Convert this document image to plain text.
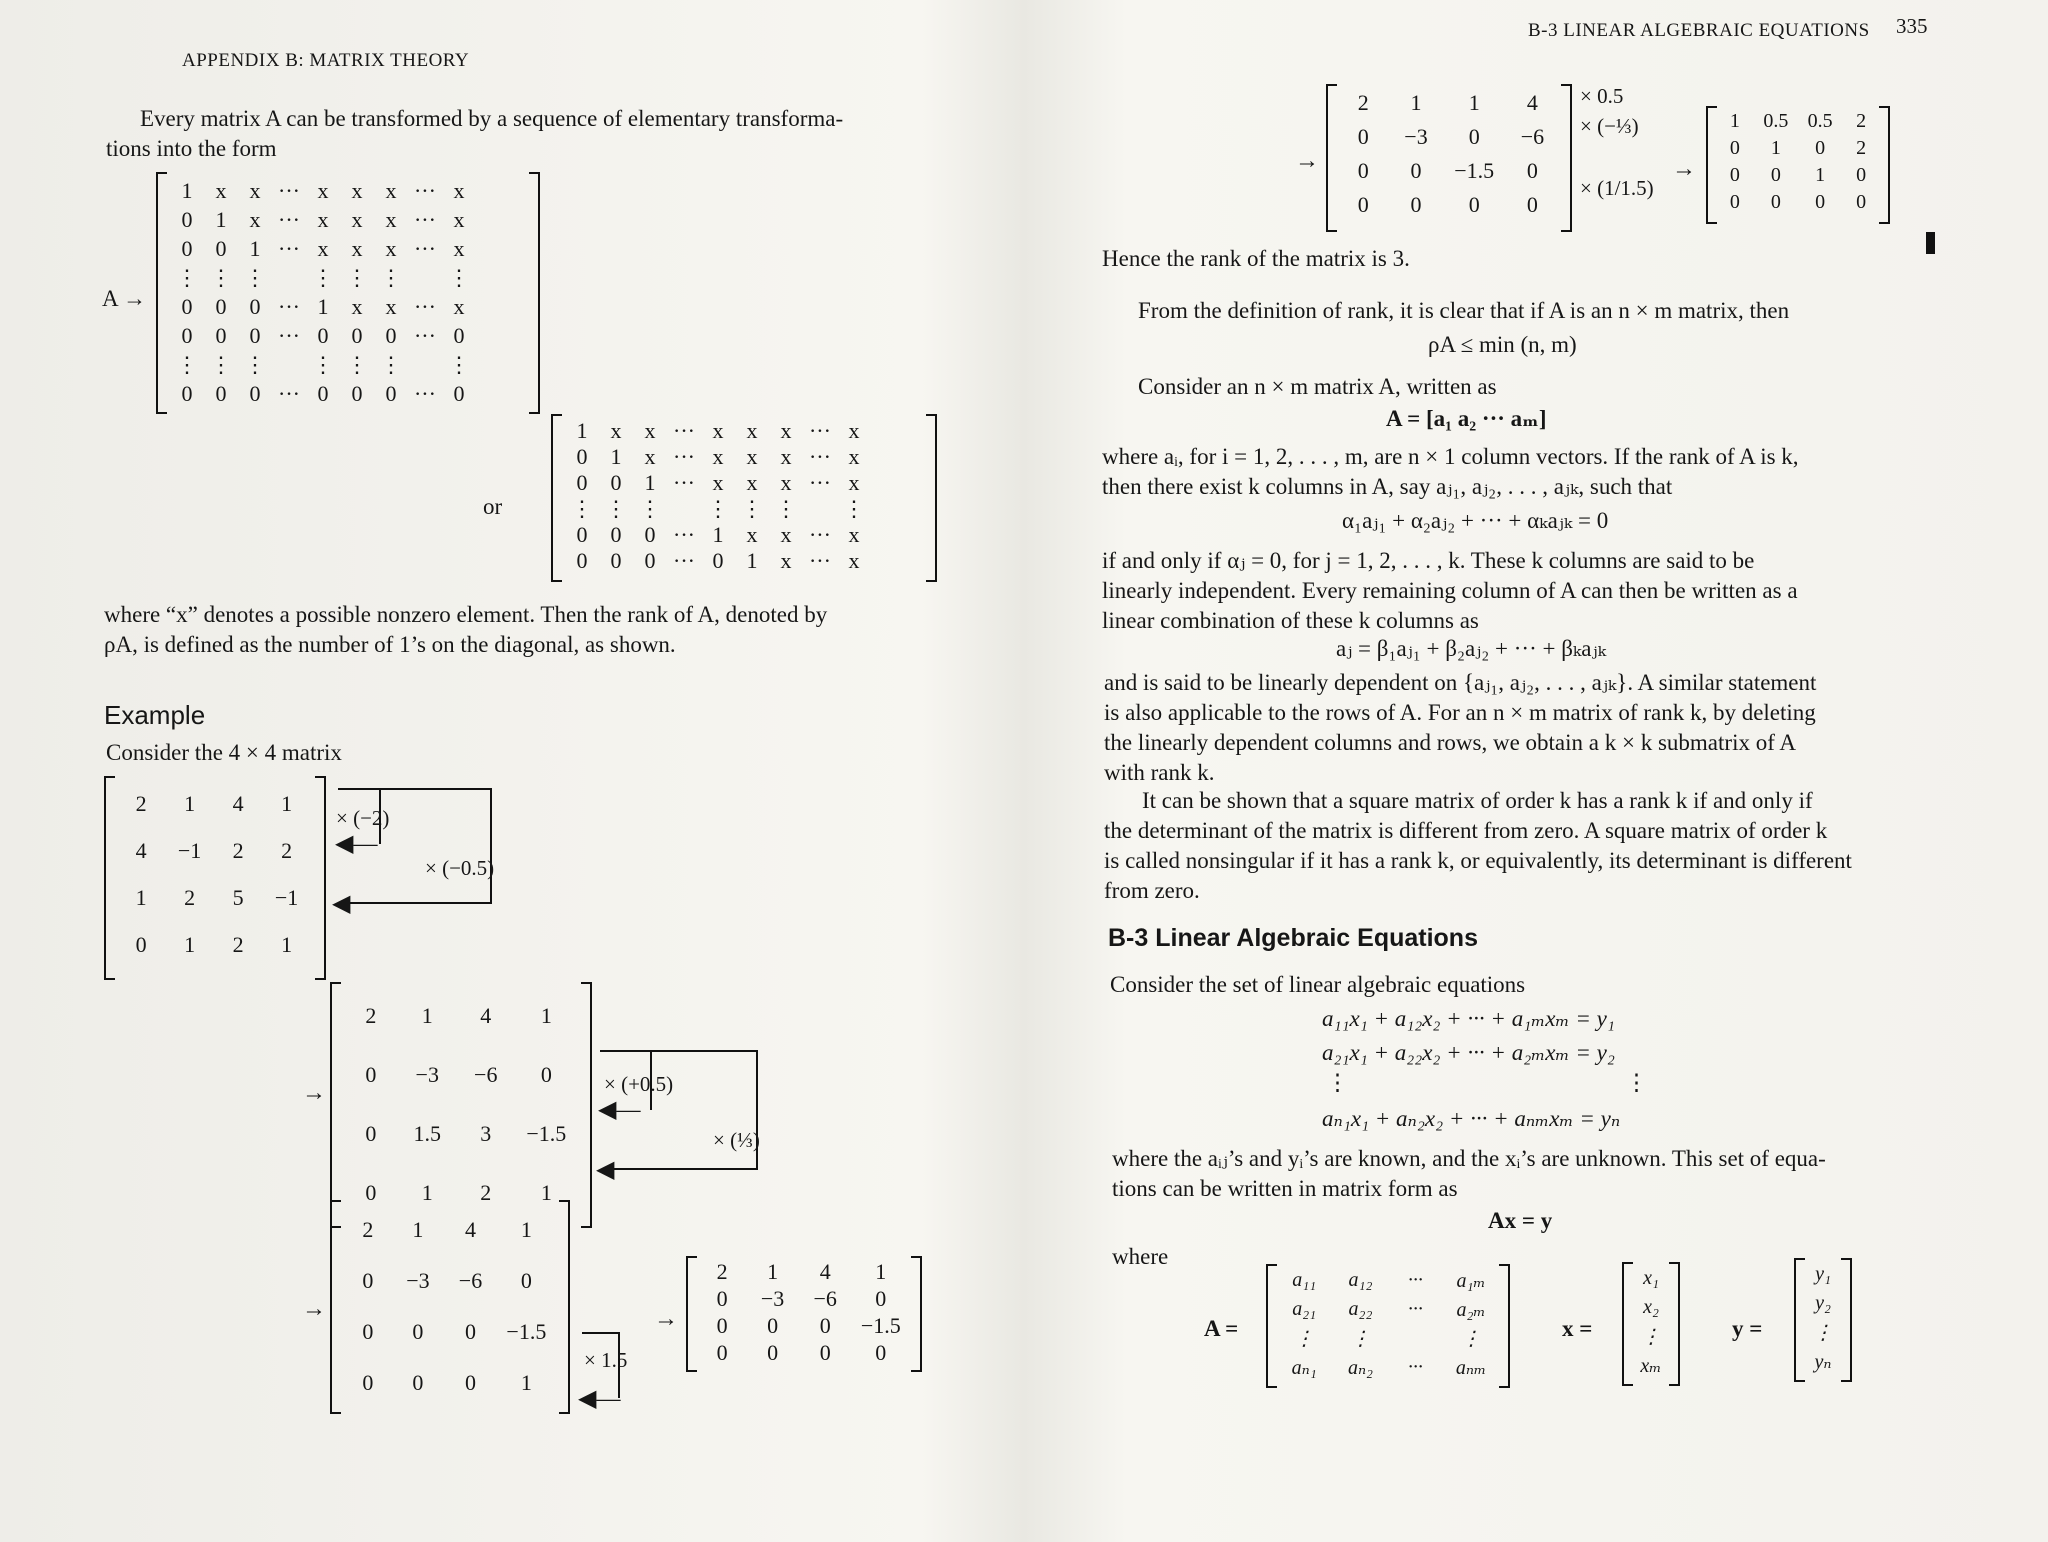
APPENDIX B: MATRIX THEORY
Every matrix A can be transformed by a sequence of elementary transforma-
tions into the form
A →
1	x	x	···	x	x	x	···	x
0	1	x	···	x	x	x	···	x
0	0	1	···	x	x	x	···	x
⋮	⋮	⋮		⋮	⋮	⋮		⋮
0	0	0	···	1	x	x	···	x
0	0	0	···	0	0	0	···	0
⋮	⋮	⋮		⋮	⋮	⋮		⋮
0	0	0	···	0	0	0	···	0
or
1	x	x	···	x	x	x	···	x
0	1	x	···	x	x	x	···	x
0	0	1	···	x	x	x	···	x
⋮	⋮	⋮		⋮	⋮	⋮		⋮
0	0	0	···	1	x	x	···	x
0	0	0	···	0	1	x	···	x
where “x” denotes a possible nonzero element. Then the rank of A, denoted by
ρA, is defined as the number of 1’s on the diagonal, as shown.
Example
Consider the 4 × 4 matrix
2	1	4	1
4	−1	2	2
1	2	5	−1
0	1	2	1
× (−2)
◀—
× (−0.5)
◀
→
2	1	4	1
0	−3	−6	0
0	1.5	3	−1.5
0	1	2	1
× (+0.5)
◀—
× (⅓)
◀
→
2	1	4	1
0	−3	−6	0
0	0	0	−1.5
0	0	0	1
× 1.5
◀—
→
2	1	4	1
0	−3	−6	0
0	0	0	−1.5
0	0	0	0
B-3 LINEAR ALGEBRAIC EQUATIONS 335
→
2	1	1	4
0	−3	0	−6
0	0	−1.5	0
0	0	0	0
× 0.5
× (−⅓)
× (1/1.5)
→
1	0.5	0.5	2
0	1	0	2
0	0	1	0
0	0	0	0
Hence the rank of the matrix is 3.
From the definition of rank, it is clear that if A is an n × m matrix, then
ρA ≤ min (n, m)
Consider an n × m matrix A, written as
A = [a₁ a₂ ··· aₘ]
where aᵢ, for i = 1, 2, . . . , m, are n × 1 column vectors. If the rank of A is k,
then there exist k columns in A, say aⱼ₁, aⱼ₂, . . . , aⱼₖ, such that
α₁aⱼ₁ + α₂aⱼ₂ + ··· + αₖaⱼₖ = 0
if and only if αⱼ = 0, for j = 1, 2, . . . , k. These k columns are said to be
linearly independent. Every remaining column of A can then be written as a
linear combination of these k columns as
aⱼ = β₁aⱼ₁ + β₂aⱼ₂ + ··· + βₖaⱼₖ
and is said to be linearly dependent on {aⱼ₁, aⱼ₂, . . . , aⱼₖ}. A similar statement
is also applicable to the rows of A. For an n × m matrix of rank k, by deleting
the linearly dependent columns and rows, we obtain a k × k submatrix of A
with rank k.
It can be shown that a square matrix of order k has a rank k if and only if
the determinant of the matrix is different from zero. A square matrix of order k
is called nonsingular if it has a rank k, or equivalently, its determinant is different
from zero.
B-3 Linear Algebraic Equations
Consider the set of linear algebraic equations
a₁₁x₁ + a₁₂x₂ + ··· + a₁ₘxₘ = y₁
a₂₁x₁ + a₂₂x₂ + ··· + a₂ₘxₘ = y₂
⋮                                                ⋮
aₙ₁x₁ + aₙ₂x₂ + ··· + aₙₘxₘ = yₙ
where the aᵢⱼ’s and yᵢ’s are known, and the xᵢ’s are unknown. This set of equa-
tions can be written in matrix form as
Ax = y
where
A =
a₁₁	a₁₂	···	a₁ₘ
a₂₁	a₂₂	···	a₂ₘ
⋮	⋮		⋮
aₙ₁	aₙ₂	···	aₙₘ
x =
x₁
x₂
⋮
xₘ
y =
y₁
y₂
⋮
yₙ
